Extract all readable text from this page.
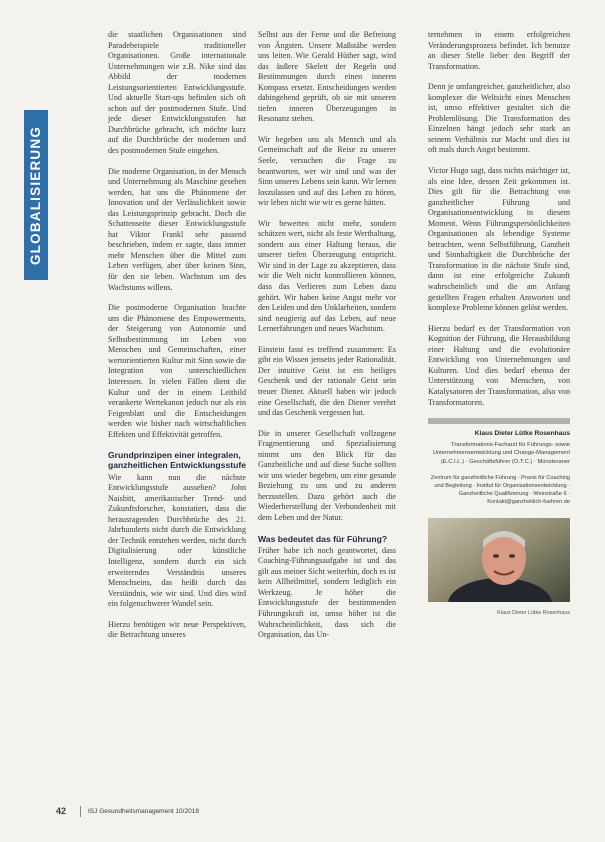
GLOBALISIERUNG

die staatlichen Organisationen sind Paradebeispiele traditioneller Organisationen. Große internationale Unternehmungen wie z.B. Nike sind das Abbild der modernen Leistungsorientierten Entwicklungsstufe. Und aktuelle Start-ups befinden sich oft schon auf der postmodernen Stufe. Und jede dieser Entwicklungsstufen hat Durchbrüche gebracht, ich möchte kurz auf die Durchbrüche der modernen und des postmodernen Stufe eingehen.

Die moderne Organisation, in der Mensch und Unternehmung als Maschine gesehen werden, hat uns die Phänomene der Innovation und der Verlässlichkeit sowie das Leistungsprinzip gebracht. Doch die Schattenseite dieser Entwicklungsstufe hat Viktor Frankl sehr passend beschrieben, indem er sagte, dass immer mehr Menschen über die Mittel zum Leben verfügen, aber über keinen Sinn, für den sie leben. Wachstum um des Wachstums willens.

Die postmoderne Organisation brachte uns die Phänomene des Empowerments, der Steigerung von Autonomie und Selbstbestimmung im Leben von Menschen und Gemeinschaften, einer wertorientierten Kultur mit Sinn sowie die Integration von unterschiedlichen Interessen. In vielen Fällen dient die Kultur und der in einem Leitbild verankerte Wertekanon jedoch nur als ein Feigenblatt und die Entscheidungen werden wie bisher nach wirtschaftlichen Effekten und Effektivität getroffen.

Grundprinzipen einer integralen, ganzheitlichen Entwicklungsstufe

Wie kann nun die nächste Entwicklungsstufe aussehen? John Naisbitt, amerikanischer Trend- und Zukunftsforscher, konstatiert, dass die herausragenden Durchbrüche des 21. Jahrhunderts nicht durch die Entwicklung der Technik entstehen werden, nicht durch Digitalisierung oder künstliche Intelligenz, sondern durch ein sich erweiterndes Verständnis unseres Menschseins, das heißt durch das Verständnis, wie wir sind. Und dies wird ein folgenschwerer Wandel sein.

Hierzu benötigen wir neue Perspektiven, die Betrachtung unseres

Selbst aus der Ferne und die Befreiung von Ängsten. Unsere Maßstäbe werden uns leiten. Wie Gerald Hüther sagt, wird das äußere Skelett der Regeln und Bestimmungen durch einen inneren Kompass ersetzt. Entscheidungen werden dahingehend geprüft, ob sie mit unseren tiefen inneren Überzeugungen in Resonanz stehen.

Wir begeben uns als Mensch und als Gemeinschaft auf die Reise zu unserer Seele, versuchen die Frage zu beantworten, wer wir sind und was der Sinn unseres Lebens sein kann. Wir lernen loszulassen und auf das Leben zu hören, wir leben nicht wie wir es gerne hätten.

Wir bewerten nicht mehr, sondern schätzen wert, nicht als feste Werthaltung, sondern aus einer Haltung heraus, die unserer tiefen Überzeugung entspricht. Wir sind in der Lage zu akzeptieren, dass wir die Welt nicht kontrollieren können, dass das Verlieren zum Leben dazu gehört. Wir haben keine Angst mehr vor den Leiden und den Unklarheiten, sondern sind neugierig auf das Leben, auf neue Lernerfahrungen und neues Wachstum.

Einstein fasst es treffend zusammen: Es gibt ein Wissen jenseits jeder Rationalität. Der intuitive Geist ist ein heiliges Geschenk und der rationale Geist sein treuer Diener. Aktuell haben wir jedoch eine Gesellschaft, die den Diener verehrt und das Geschenk vergessen hat.

Die in unserer Gesellschaft vollzogene Fragmentierung und Spezialisierung nimmt uns den Blick für das Ganzheitliche und auf diese Suche sollten wir uns wieder begeben, um eine gesunde Beziehung zu uns und zu anderen herzustellen. Dazu gehört auch die Wiederherstellung der Verbundenheit mit dem Leben und der Natur.

Was bedeutet das für Führung?

Früher habe ich noch geantwortet, dass Coaching-Führungsaufgabe ist und das gilt aus meiner Sicht weiterhin, doch es ist kein Allheilmittel, sondern lediglich ein Werkzeug. Je höher die Entwicklungsstufe der bestimmenden Führungskraft ist, umso höher ist die Wahrscheinlichkeit, dass sich die Organisation, das Un-

ternehmen in einem erfolgreichen Veränderungsprozess befindet. Ich benutze an dieser Stelle lieber den Begriff der Transformation.

Denn je umfangreicher, ganzheitlicher, also komplexer die Weltsicht eines Menschen ist, umso effektiver gestaltet sich die Problemlösung. Die Transformation des Einzelnen hängt jedoch sehr stark an seinem Verhältnis zur Macht und dies ist oft mals durch Angst bestimmt.

Victor Hugo sagt, dass nichts mächtiger ist, als eine Idee, dessen Zeit gekommen ist. Dies gilt für die Betrachtung von ganzheitlicher Führung und Organisationsentwicklung in diesem Moment. Wenn Führungspersönlichkeiten Organisationen als lebendige Systeme betrachten, wenn Selbstführung, Ganzheit und Sinnhaftigkeit die Durchbrüche der Transformation in die nächste Stufe sind, dann ist eine erfolgreiche Zukunft wahrscheinlich und die am Anfang gestellten Fragen erhalten Antworten und komplexe Probleme können gelöst werden.

Hierzu bedarf es der Transformation von Kognition der Führung, die Herausbildung einer Haltung und die evolutionäre Entwicklung von Unternehmungen und Kulturen. Und dies bedarf ebenso der Unterstützung von Menschen, von Katalysatoren der Transformation, also von Transformatoren.

Klaus Dieter Lütke Rosenhaus
Transformations-Facharzt für Führungs- sowie Unternehmensentwicklung und Change-Management (E.C.I.L.) · Geschäftsführer (O.T.C.) · Münsteraner
Zentrum für ganzheitliche Führung · Praxis für Coaching und Begleitung · Institut für Organisationsentwicklung · Ganzheitliche Qualifizierung · Weinstraße 6 · Kontakt@ganzheitlich-fuehren.de
Klaus Dieter Lütke Rosenhaus
42	ISJ Gesundheitsmanagement 10/2018
